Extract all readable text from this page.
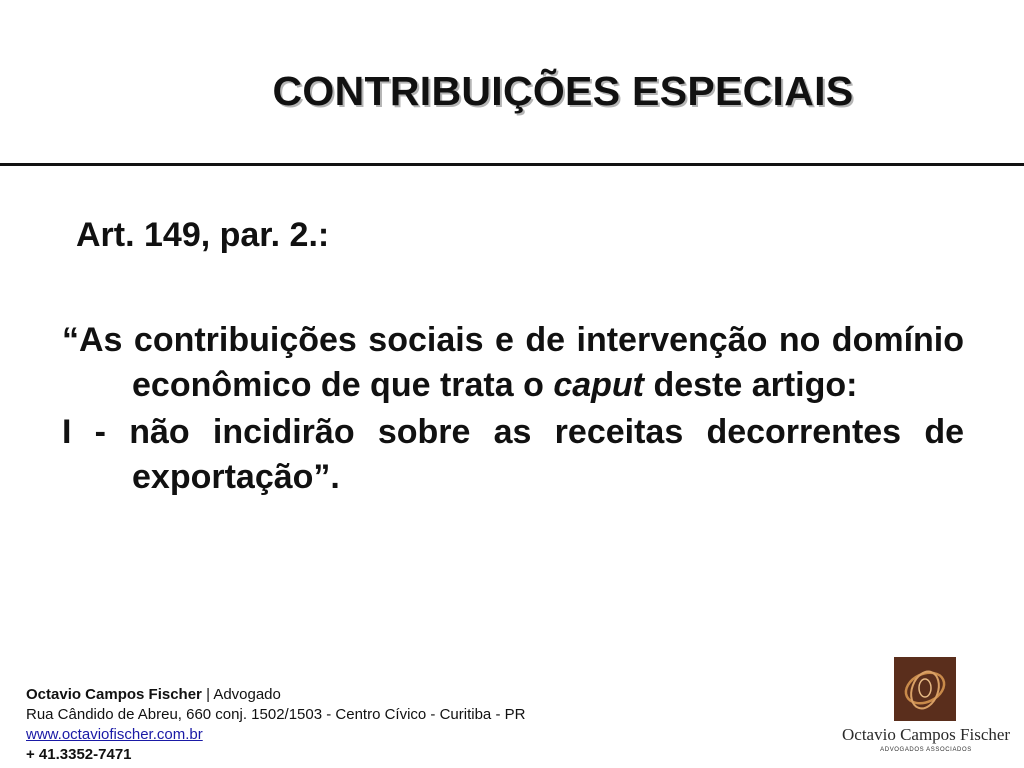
CONTRIBUIÇÕES ESPECIAIS
Art. 149, par. 2.:

“As contribuições sociais e de intervenção no domínio econômico de que trata o caput deste artigo:

I - não incidirão sobre as receitas decorrentes de exportação”.

Octavio Campos Fischer | Advogado
Rua Cândido de Abreu, 660 conj. 1502/1503 - Centro Cívico - Curitiba - PR
www.octaviofischer.com.br
+ 41.3352-7471
Octavio Campos Fischer
ADVOGADOS ASSOCIADOS
